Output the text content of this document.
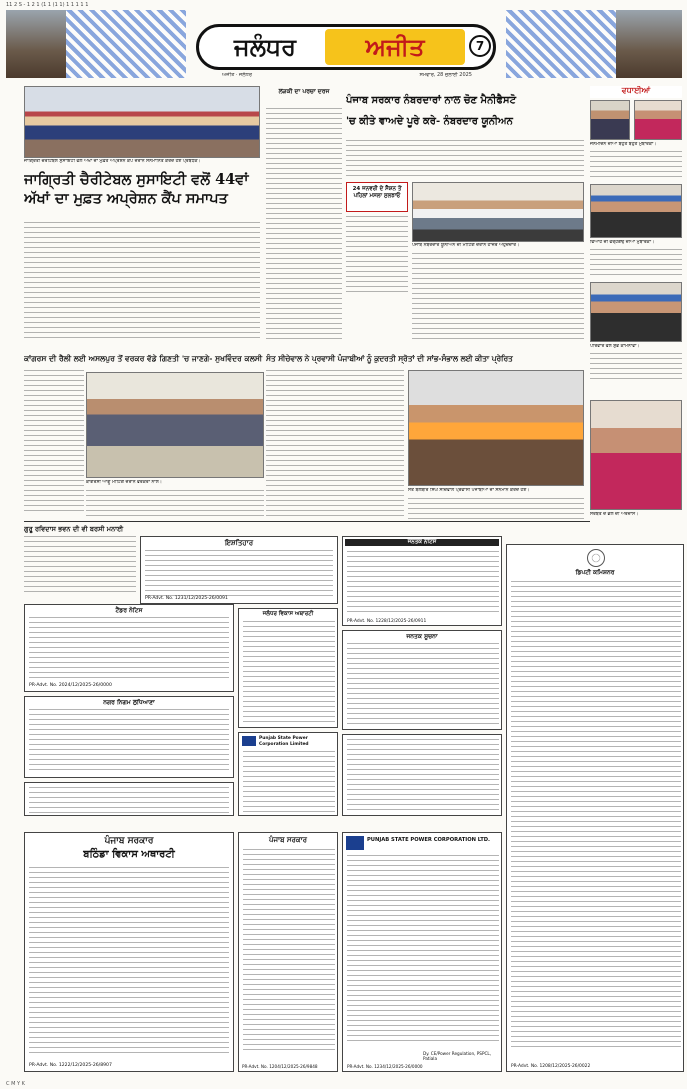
11 2 S - 1 2 1 (1 1 (1 1) 1 1 1 1 1
ਜਲੰਧਰ	ਅਜੀਤ	7
ਅਜੀਤ · ਜਲੰਧਰ	ਸੋਮਵਾਰ, 28 ਜੁਲਾਈ 2025
ਜਾਗ੍ਰਿਤੀ ਚੈਰੀਟੇਬਲ ਸੁਸਾਇਟੀ ਵੱਲੋਂ ਅੱਖਾਂ ਦਾ ਮੁਫ਼ਤ ਅਪ੍ਰੇਸ਼ਨ ਕੈਂਪ ਦੌਰਾਨ ਸਨਮਾਨਿਤ ਕਰਦੇ ਹੋਏ ਪ੍ਰਬੰਧਕ।
ਜਾਗ੍ਰਿਤੀ ਚੈਰੀਟੇਬਲ ਸੁਸਾਇਟੀ ਵਲੋਂ 44ਵਾਂ ਅੱਖਾਂ ਦਾ ਮੁਫ਼ਤ ਅਪ੍ਰੇਸ਼ਨ ਕੈਂਪ ਸਮਾਪਤ
ਲੜਕੀ ਦਾ ਪਰਚਾ ਦਰਜ
ਪੰਜਾਬ ਸਰਕਾਰ ਨੰਬਰਦਾਰਾਂ ਨਾਲ ਚੋਣ ਮੈਨੀਫੈਸਟੋ
'ਚ ਕੀਤੇ ਵਾਅਦੇ ਪੂਰੇ ਕਰੇ- ਨੰਬਰਦਾਰ ਯੂਨੀਅਨ
24 ਜਨਵਰੀ ਦੇ ਸੈਸ਼ਨ ਤੋਂ ਪਹਿਲਾਂ ਮਸਲਾ ਸੁਲਝਾਓ
ਪੰਜਾਬ ਨੰਬਰਦਾਰ ਯੂਨੀਅਨ ਦੀ ਮੀਟਿੰਗ ਦੌਰਾਨ ਹਾਜ਼ਰ ਅਹੁਦੇਦਾਰ।
ਵਧਾਈਆਂ
ਜਨਮਦਿਨ ਦੀਆਂ ਬਹੁਤ ਬਹੁਤ ਮੁਬਾਰਕਾਂ।
ਵਿਆਹ ਦੀ ਵਰ੍ਹੇਗੰਢ ਦੀਆਂ ਮੁਬਾਰਕਾਂ।
ਪਰਿਵਾਰ ਵੱਲੋਂ ਸ਼ੁਭ ਕਾਮਨਾਵਾਂ।
ਸਰਬੱਤ ਦੇ ਭਲੇ ਦੀ ਅਰਦਾਸ।
ਕਾਂਗਰਸ ਦੀ ਰੈਲੀ ਲਈ ਅਸਲਪੁਰ ਤੋਂ ਵਰਕਰ ਵੱਡੇ ਗਿਣਤੀ 'ਚ ਜਾਣਗੇ- ਸੁਖਵਿੰਦਰ ਕਲਸੀ
ਕਾਂਗਰਸੀ ਆਗੂ ਮੀਟਿੰਗ ਦੌਰਾਨ ਵਰਕਰਾਂ ਨਾਲ।
ਸੰਤ ਸੀਚੇਵਾਲ ਨੇ ਪ੍ਰਵਾਸੀ ਪੰਜਾਬੀਆਂ ਨੂੰ ਕੁਦਰਤੀ ਸ੍ਰੋਤਾਂ ਦੀ ਸਾਂਭ-ਸੰਭਾਲ ਲਈ ਕੀਤਾ ਪ੍ਰੇਰਿਤ
ਸੰਤ ਬਲਬੀਰ ਸਿੰਘ ਸੀਚੇਵਾਲ ਪ੍ਰਵਾਸੀ ਪੰਜਾਬੀਆਂ ਦਾ ਸਨਮਾਨ ਕਰਦੇ ਹੋਏ।
ਗੁਰੂ ਰਵਿਦਾਸ ਭਵਨ ਦੀ ਵੀ ਬਰਸੀ ਮਨਾਈ
ਟੈਂਡਰ ਨੋਟਿਸ
PR-Advt. No. 2024/12/2025-26/0000
ਨਗਰ ਨਿਗਮ ਲੁਧਿਆਣਾ
ਪੰਜਾਬ ਸਰਕਾਰ
ਬਠਿੰਡਾ ਵਿਕਾਸ ਅਥਾਰਟੀ
PR-Advt. No. 1222/12/2025-26/8907
ਇਸ਼ਤਿਹਾਰ
PR-Advt. No. 1231/12/2025-26/0091
ਜਲੰਧਰ ਵਿਕਾਸ ਅਥਾਰਟੀ
Punjab State Power Corporation Limited
ਪੰਜਾਬ ਸਰਕਾਰ
PR-Advt. No. 1204/12/2025-26/9848
ਜਨਤਕ ਨੋਟਿਸ
PR-Advt. No. 1228/12/2025-26/0911
ਜਨਤਕ ਸੂਚਨਾ
PUNJAB STATE POWER CORPORATION LTD.
Dy. CE/Power Regulation, PSPCL, Patiala
PR-Advt. No. 1234/12/2025-26/0000
ਡਿਪਟੀ ਕਮਿਸ਼ਨਰ
PR-Advt. No. 1208/12/2025-26/0022
C M Y K
